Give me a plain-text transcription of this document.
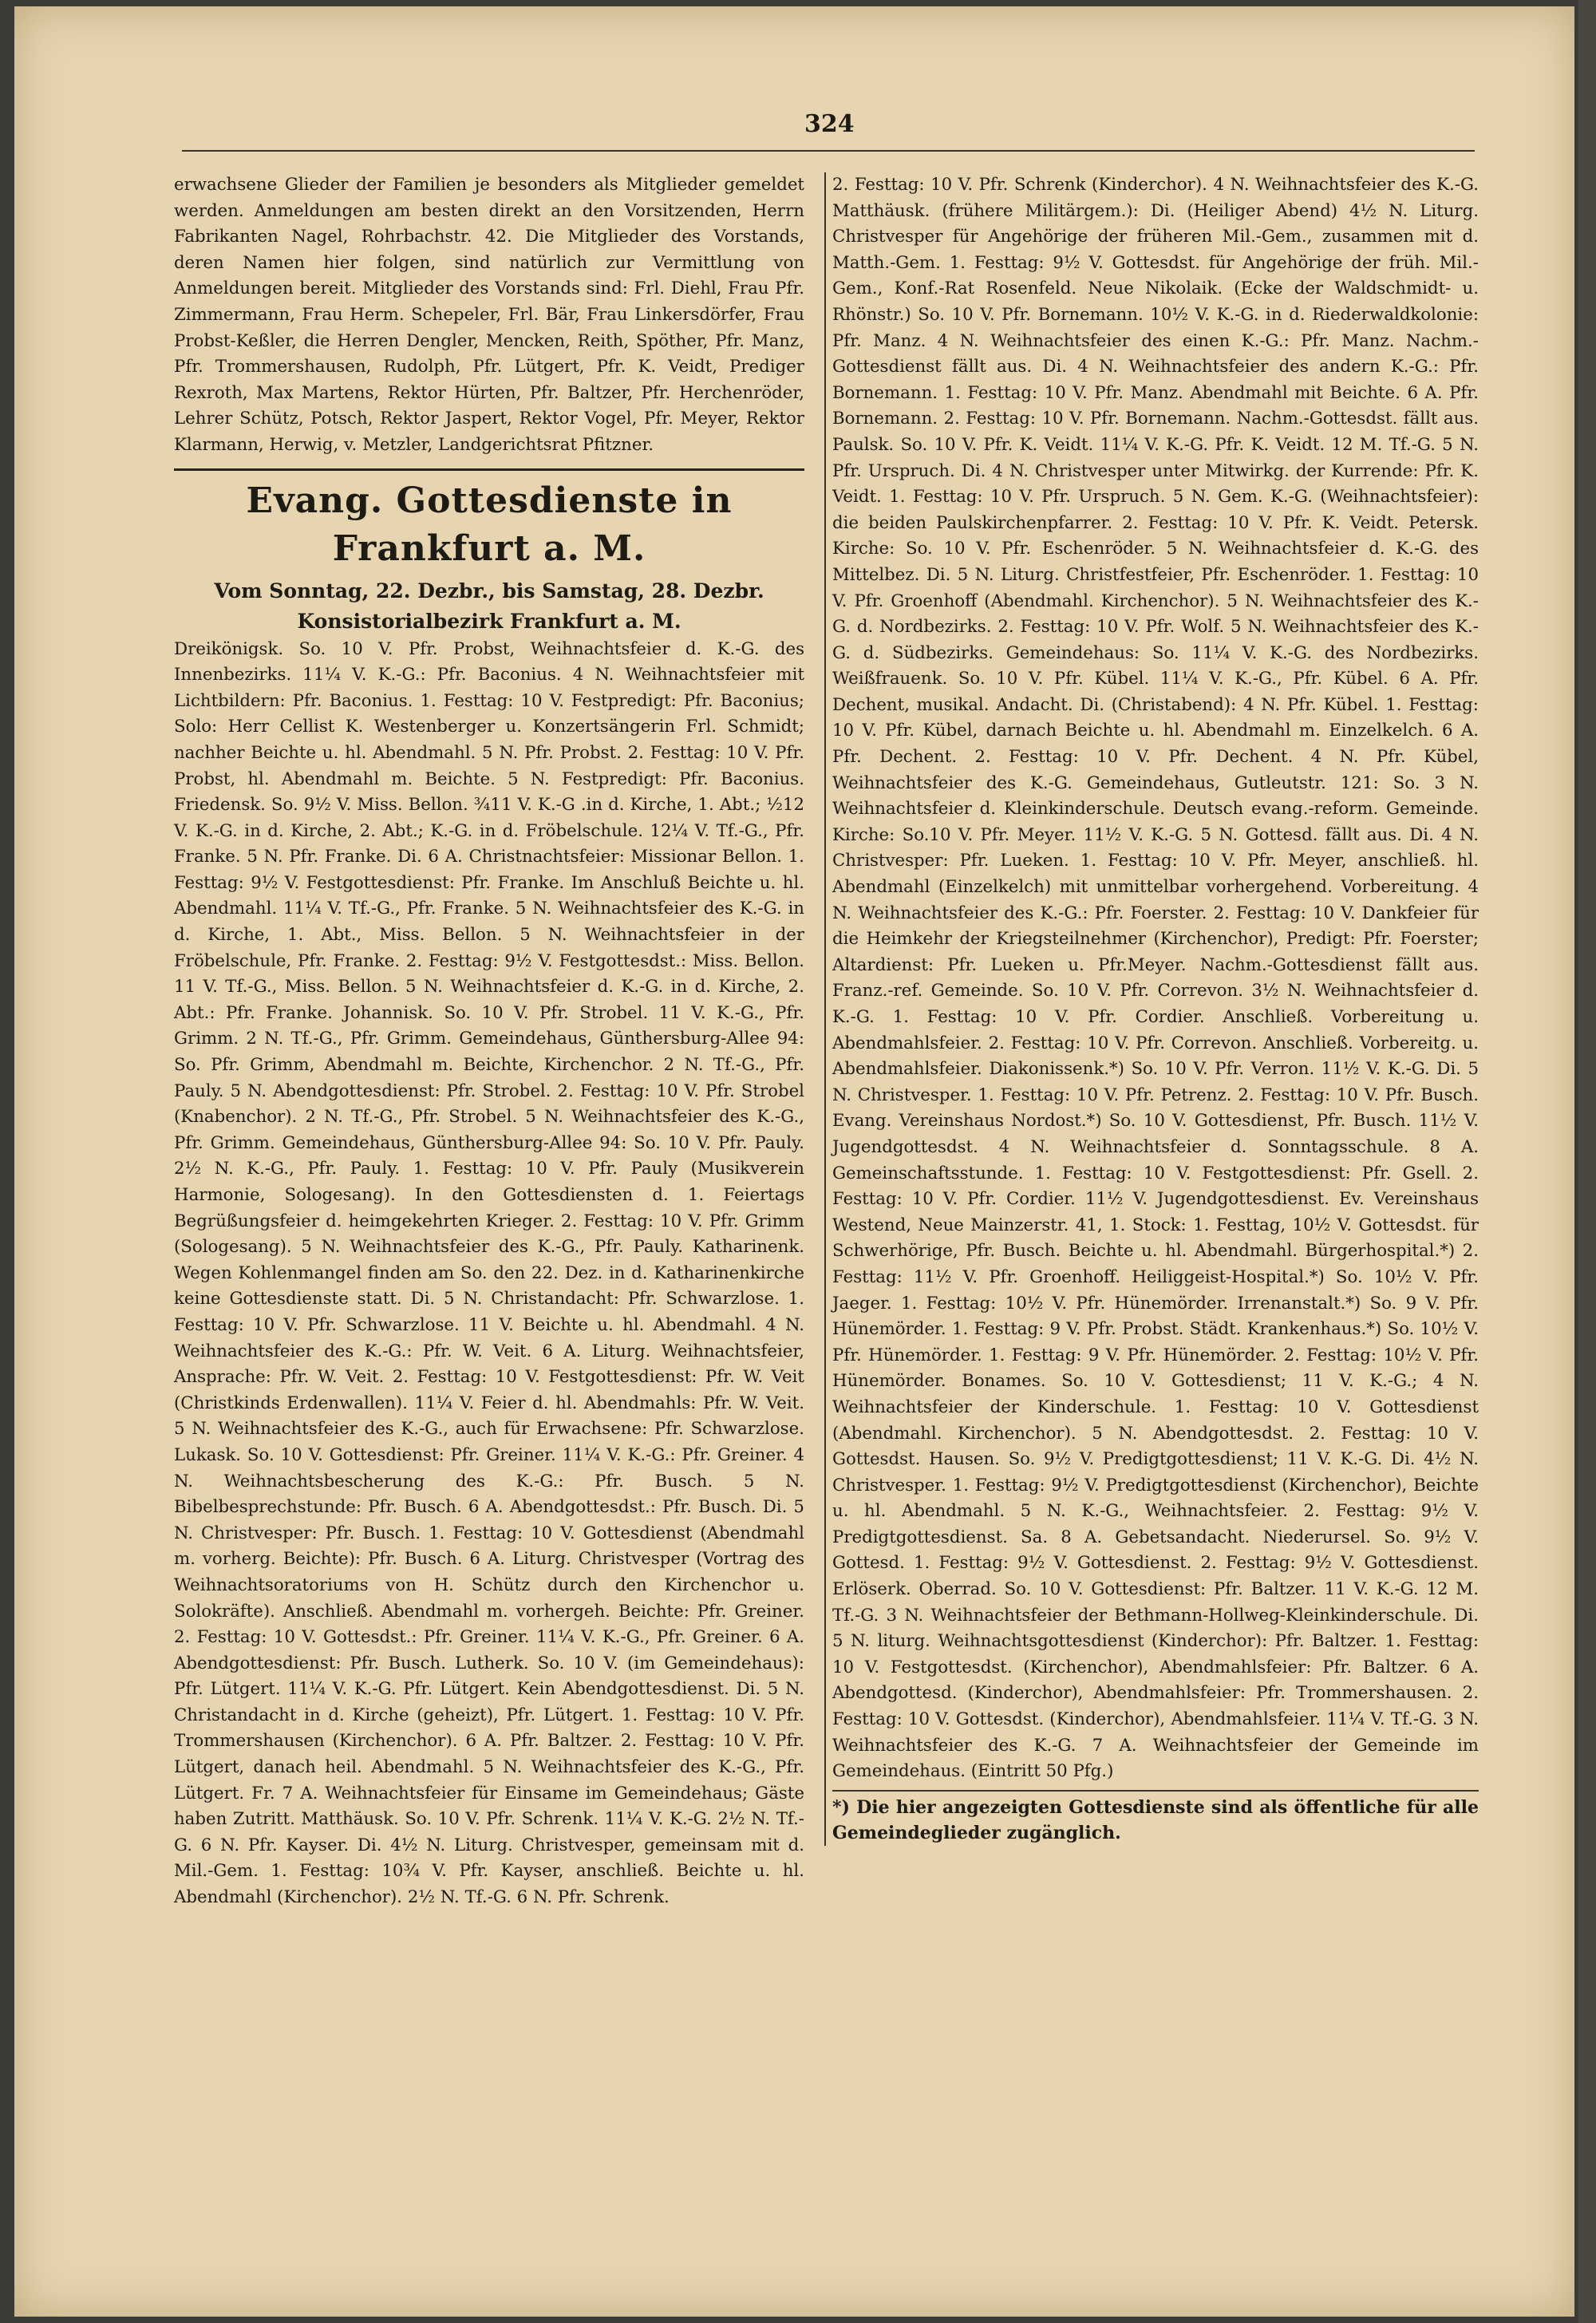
324

erwachsene Glieder der Familien je besonders als Mitglieder gemeldet werden. Anmeldungen am besten direkt an den Vorsitzenden, Herrn Fabrikanten Nagel, Rohrbachstr. 42. Die Mitglieder des Vorstands, deren Namen hier folgen, sind natürlich zur Vermittlung von Anmeldungen bereit. Mitglieder des Vorstands sind: Frl. Diehl, Frau Pfr. Zimmermann, Frau Herm. Schepeler, Frl. Bär, Frau Linkersdörfer, Frau Probst-Keßler, die Herren Dengler, Mencken, Reith, Spöther, Pfr. Manz, Pfr. Trommershausen, Rudolph, Pfr. Lütgert, Pfr. K. Veidt, Prediger Rexroth, Max Martens, Rektor Hürten, Pfr. Baltzer, Pfr. Herchenröder, Lehrer Schütz, Potsch, Rektor Jaspert, Rektor Vogel, Pfr. Meyer, Rektor Klarmann, Herwig, v. Metzler, Landgerichtsrat Pfitzner.

Evang. Gottesdienste in Frankfurt a. M.
Vom Sonntag, 22. Dezbr., bis Samstag, 28. Dezbr.
Konsistorialbezirk Frankfurt a. M.

Dreikönigsk. So. 10 V. Pfr. Probst, Weihnachtsfeier d. K.-G. des Innenbezirks. 11¼ V. K.-G.: Pfr. Baconius. 4 N. Weihnachtsfeier mit Lichtbildern: Pfr. Baconius. 1. Festtag: 10 V. Festpredigt: Pfr. Baconius; Solo: Herr Cellist K. Westenberger u. Konzertsängerin Frl. Schmidt; nachher Beichte u. hl. Abendmahl. 5 N. Pfr. Probst. 2. Festtag: 10 V. Pfr. Probst, hl. Abendmahl m. Beichte. 5 N. Festpredigt: Pfr. Baconius. Friedensk. So. 9½ V. Miss. Bellon. ¾11 V. K.-G .in d. Kirche, 1. Abt.; ½12 V. K.-G. in d. Kirche, 2. Abt.; K.-G. in d. Fröbelschule. 12¼ V. Tf.-G., Pfr. Franke. 5 N. Pfr. Franke. Di. 6 A. Christnachtsfeier: Missionar Bellon. 1. Festtag: 9½ V. Festgottesdienst: Pfr. Franke. Im Anschluß Beichte u. hl. Abendmahl. 11¼ V. Tf.-G., Pfr. Franke. 5 N. Weihnachtsfeier des K.-G. in d. Kirche, 1. Abt., Miss. Bellon. 5 N. Weihnachtsfeier in der Fröbelschule, Pfr. Franke. 2. Festtag: 9½ V. Festgottesdst.: Miss. Bellon. 11 V. Tf.-G., Miss. Bellon. 5 N. Weihnachtsfeier d. K.-G. in d. Kirche, 2. Abt.: Pfr. Franke. Johannisk. So. 10 V. Pfr. Strobel. 11 V. K.-G., Pfr. Grimm. 2 N. Tf.-G., Pfr. Grimm. Gemeindehaus, Günthersburg-Allee 94: So. Pfr. Grimm, Abendmahl m. Beichte, Kirchenchor. 2 N. Tf.-G., Pfr. Pauly. 5 N. Abendgottesdienst: Pfr. Strobel. 2. Festtag: 10 V. Pfr. Strobel (Knabenchor). 2 N. Tf.-G., Pfr. Strobel. 5 N. Weihnachtsfeier des K.-G., Pfr. Grimm. Gemeindehaus, Günthersburg-Allee 94: So. 10 V. Pfr. Pauly. 2½ N. K.-G., Pfr. Pauly. 1. Festtag: 10 V. Pfr. Pauly (Musikverein Harmonie, Sologesang). In den Gottesdiensten d. 1. Feiertags Begrüßungsfeier d. heimgekehrten Krieger. 2. Festtag: 10 V. Pfr. Grimm (Sologesang). 5 N. Weihnachtsfeier des K.-G., Pfr. Pauly. Katharinenk. Wegen Kohlenmangel finden am So. den 22. Dez. in d. Katharinenkirche keine Gottesdienste statt. Di. 5 N. Christandacht: Pfr. Schwarzlose. 1. Festtag: 10 V. Pfr. Schwarzlose. 11 V. Beichte u. hl. Abendmahl. 4 N. Weihnachtsfeier des K.-G.: Pfr. W. Veit. 6 A. Liturg. Weihnachtsfeier, Ansprache: Pfr. W. Veit. 2. Festtag: 10 V. Festgottesdienst: Pfr. W. Veit (Christkinds Erdenwallen). 11¼ V. Feier d. hl. Abendmahls: Pfr. W. Veit. 5 N. Weihnachtsfeier des K.-G., auch für Erwachsene: Pfr. Schwarzlose. Lukask. So. 10 V. Gottesdienst: Pfr. Greiner. 11¼ V. K.-G.: Pfr. Greiner. 4 N. Weihnachtsbescherung des K.-G.: Pfr. Busch. 5 N. Bibelbesprechstunde: Pfr. Busch. 6 A. Abendgottesdst.: Pfr. Busch. Di. 5 N. Christvesper: Pfr. Busch. 1. Festtag: 10 V. Gottesdienst (Abendmahl m. vorherg. Beichte): Pfr. Busch. 6 A. Liturg. Christvesper (Vortrag des Weihnachtsoratoriums von H. Schütz durch den Kirchenchor u. Solokräfte). Anschließ. Abendmahl m. vorhergeh. Beichte: Pfr. Greiner. 2. Festtag: 10 V. Gottesdst.: Pfr. Greiner. 11¼ V. K.-G., Pfr. Greiner. 6 A. Abendgottesdienst: Pfr. Busch. Lutherk. So. 10 V. (im Gemeindehaus): Pfr. Lütgert. 11¼ V. K.-G. Pfr. Lütgert. Kein Abendgottesdienst. Di. 5 N. Christandacht in d. Kirche (geheizt), Pfr. Lütgert. 1. Festtag: 10 V. Pfr. Trommershausen (Kirchenchor). 6 A. Pfr. Baltzer. 2. Festtag: 10 V. Pfr. Lütgert, danach heil. Abendmahl. 5 N. Weihnachtsfeier des K.-G., Pfr. Lütgert. Fr. 7 A. Weihnachtsfeier für Einsame im Gemeindehaus; Gäste haben Zutritt. Matthäusk. So. 10 V. Pfr. Schrenk. 11¼ V. K.-G. 2½ N. Tf.-G. 6 N. Pfr. Kayser. Di. 4½ N. Liturg. Christvesper, gemeinsam mit d. Mil.-Gem. 1. Festtag: 10¾ V. Pfr. Kayser, anschließ. Beichte u. hl. Abendmahl (Kirchenchor). 2½ N. Tf.-G. 6 N. Pfr. Schrenk.

2. Festtag: 10 V. Pfr. Schrenk (Kinderchor). 4 N. Weihnachtsfeier des K.-G. Matthäusk. (frühere Militärgem.): Di. (Heiliger Abend) 4½ N. Liturg. Christvesper für Angehörige der früheren Mil.-Gem., zusammen mit d. Matth.-Gem. 1. Festtag: 9½ V. Gottesdst. für Angehörige der früh. Mil.-Gem., Konf.-Rat Rosenfeld. Neue Nikolaik. (Ecke der Waldschmidt- u. Rhönstr.) So. 10 V. Pfr. Bornemann. 10½ V. K.-G. in d. Riederwaldkolonie: Pfr. Manz. 4 N. Weihnachtsfeier des einen K.-G.: Pfr. Manz. Nachm.-Gottesdienst fällt aus. Di. 4 N. Weihnachtsfeier des andern K.-G.: Pfr. Bornemann. 1. Festtag: 10 V. Pfr. Manz. Abendmahl mit Beichte. 6 A. Pfr. Bornemann. 2. Festtag: 10 V. Pfr. Bornemann. Nachm.-Gottesdst. fällt aus. Paulsk. So. 10 V. Pfr. K. Veidt. 11¼ V. K.-G. Pfr. K. Veidt. 12 M. Tf.-G. 5 N. Pfr. Urspruch. Di. 4 N. Christvesper unter Mitwirkg. der Kurrende: Pfr. K. Veidt. 1. Festtag: 10 V. Pfr. Urspruch. 5 N. Gem. K.-G. (Weihnachtsfeier): die beiden Paulskirchenpfarrer. 2. Festtag: 10 V. Pfr. K. Veidt. Petersk. Kirche: So. 10 V. Pfr. Eschenröder. 5 N. Weihnachtsfeier d. K.-G. des Mittelbez. Di. 5 N. Liturg. Christfestfeier, Pfr. Eschenröder. 1. Festtag: 10 V. Pfr. Groenhoff (Abendmahl. Kirchenchor). 5 N. Weihnachtsfeier des K.-G. d. Nordbezirks. 2. Festtag: 10 V. Pfr. Wolf. 5 N. Weihnachtsfeier des K.-G. d. Südbezirks. Gemeindehaus: So. 11¼ V. K.-G. des Nordbezirks. Weißfrauenk. So. 10 V. Pfr. Kübel. 11¼ V. K.-G., Pfr. Kübel. 6 A. Pfr. Dechent, musikal. Andacht. Di. (Christabend): 4 N. Pfr. Kübel. 1. Festtag: 10 V. Pfr. Kübel, darnach Beichte u. hl. Abendmahl m. Einzelkelch. 6 A. Pfr. Dechent. 2. Festtag: 10 V. Pfr. Dechent. 4 N. Pfr. Kübel, Weihnachtsfeier des K.-G. Gemeindehaus, Gutleutstr. 121: So. 3 N. Weihnachtsfeier d. Kleinkinderschule. Deutsch evang.-reform. Gemeinde. Kirche: So.10 V. Pfr. Meyer. 11½ V. K.-G. 5 N. Gottesd. fällt aus. Di. 4 N. Christvesper: Pfr. Lueken. 1. Festtag: 10 V. Pfr. Meyer, anschließ. hl. Abendmahl (Einzelkelch) mit unmittelbar vorhergehend. Vorbereitung. 4 N. Weihnachtsfeier des K.-G.: Pfr. Foerster. 2. Festtag: 10 V. Dankfeier für die Heimkehr der Kriegsteilnehmer (Kirchenchor), Predigt: Pfr. Foerster; Altardienst: Pfr. Lueken u. Pfr.Meyer. Nachm.-Gottesdienst fällt aus. Franz.-ref. Gemeinde. So. 10 V. Pfr. Correvon. 3½ N. Weihnachtsfeier d. K.-G. 1. Festtag: 10 V. Pfr. Cordier. Anschließ. Vorbereitung u. Abendmahlsfeier. 2. Festtag: 10 V. Pfr. Correvon. Anschließ. Vorbereitg. u. Abendmahlsfeier. Diakonissenk.*) So. 10 V. Pfr. Verron. 11½ V. K.-G. Di. 5 N. Christvesper. 1. Festtag: 10 V. Pfr. Petrenz. 2. Festtag: 10 V. Pfr. Busch. Evang. Vereinshaus Nordost.*) So. 10 V. Gottesdienst, Pfr. Busch. 11½ V. Jugendgottesdst. 4 N. Weihnachtsfeier d. Sonntagsschule. 8 A. Gemeinschaftsstunde. 1. Festtag: 10 V. Festgottesdienst: Pfr. Gsell. 2. Festtag: 10 V. Pfr. Cordier. 11½ V. Jugendgottesdienst. Ev. Vereinshaus Westend, Neue Mainzerstr. 41, 1. Stock: 1. Festtag, 10½ V. Gottesdst. für Schwerhörige, Pfr. Busch. Beichte u. hl. Abendmahl. Bürgerhospital.*) 2. Festtag: 11½ V. Pfr. Groenhoff. Heiliggeist-Hospital.*) So. 10½ V. Pfr. Jaeger. 1. Festtag: 10½ V. Pfr. Hünemörder. Irrenanstalt.*) So. 9 V. Pfr. Hünemörder. 1. Festtag: 9 V. Pfr. Probst. Städt. Krankenhaus.*) So. 10½ V. Pfr. Hünemörder. 1. Festtag: 9 V. Pfr. Hünemörder. 2. Festtag: 10½ V. Pfr. Hünemörder. Bonames. So. 10 V. Gottesdienst; 11 V. K.-G.; 4 N. Weihnachtsfeier der Kinderschule. 1. Festtag: 10 V. Gottesdienst (Abendmahl. Kirchenchor). 5 N. Abendgottesdst. 2. Festtag: 10 V. Gottesdst. Hausen. So. 9½ V. Predigtgottesdienst; 11 V. K.-G. Di. 4½ N. Christvesper. 1. Festtag: 9½ V. Predigtgottesdienst (Kirchenchor), Beichte u. hl. Abendmahl. 5 N. K.-G., Weihnachtsfeier. 2. Festtag: 9½ V. Predigtgottesdienst. Sa. 8 A. Gebetsandacht. Niederursel. So. 9½ V. Gottesd. 1. Festtag: 9½ V. Gottesdienst. 2. Festtag: 9½ V. Gottesdienst. Erlöserk. Oberrad. So. 10 V. Gottesdienst: Pfr. Baltzer. 11 V. K.-G. 12 M. Tf.-G. 3 N. Weihnachtsfeier der Bethmann-Hollweg-Kleinkinderschule. Di. 5 N. liturg. Weihnachtsgottesdienst (Kinderchor): Pfr. Baltzer. 1. Festtag: 10 V. Festgottesdst. (Kirchenchor), Abendmahlsfeier: Pfr. Baltzer. 6 A. Abendgottesd. (Kinderchor), Abendmahlsfeier: Pfr. Trommershausen. 2. Festtag: 10 V. Gottesdst. (Kinderchor), Abendmahlsfeier. 11¼ V. Tf.-G. 3 N. Weihnachtsfeier des K.-G. 7 A. Weihnachtsfeier der Gemeinde im Gemeindehaus. (Eintritt 50 Pfg.)

*) Die hier angezeigten Gottesdienste sind als öffentliche für alle Gemeindeglieder zugänglich.
